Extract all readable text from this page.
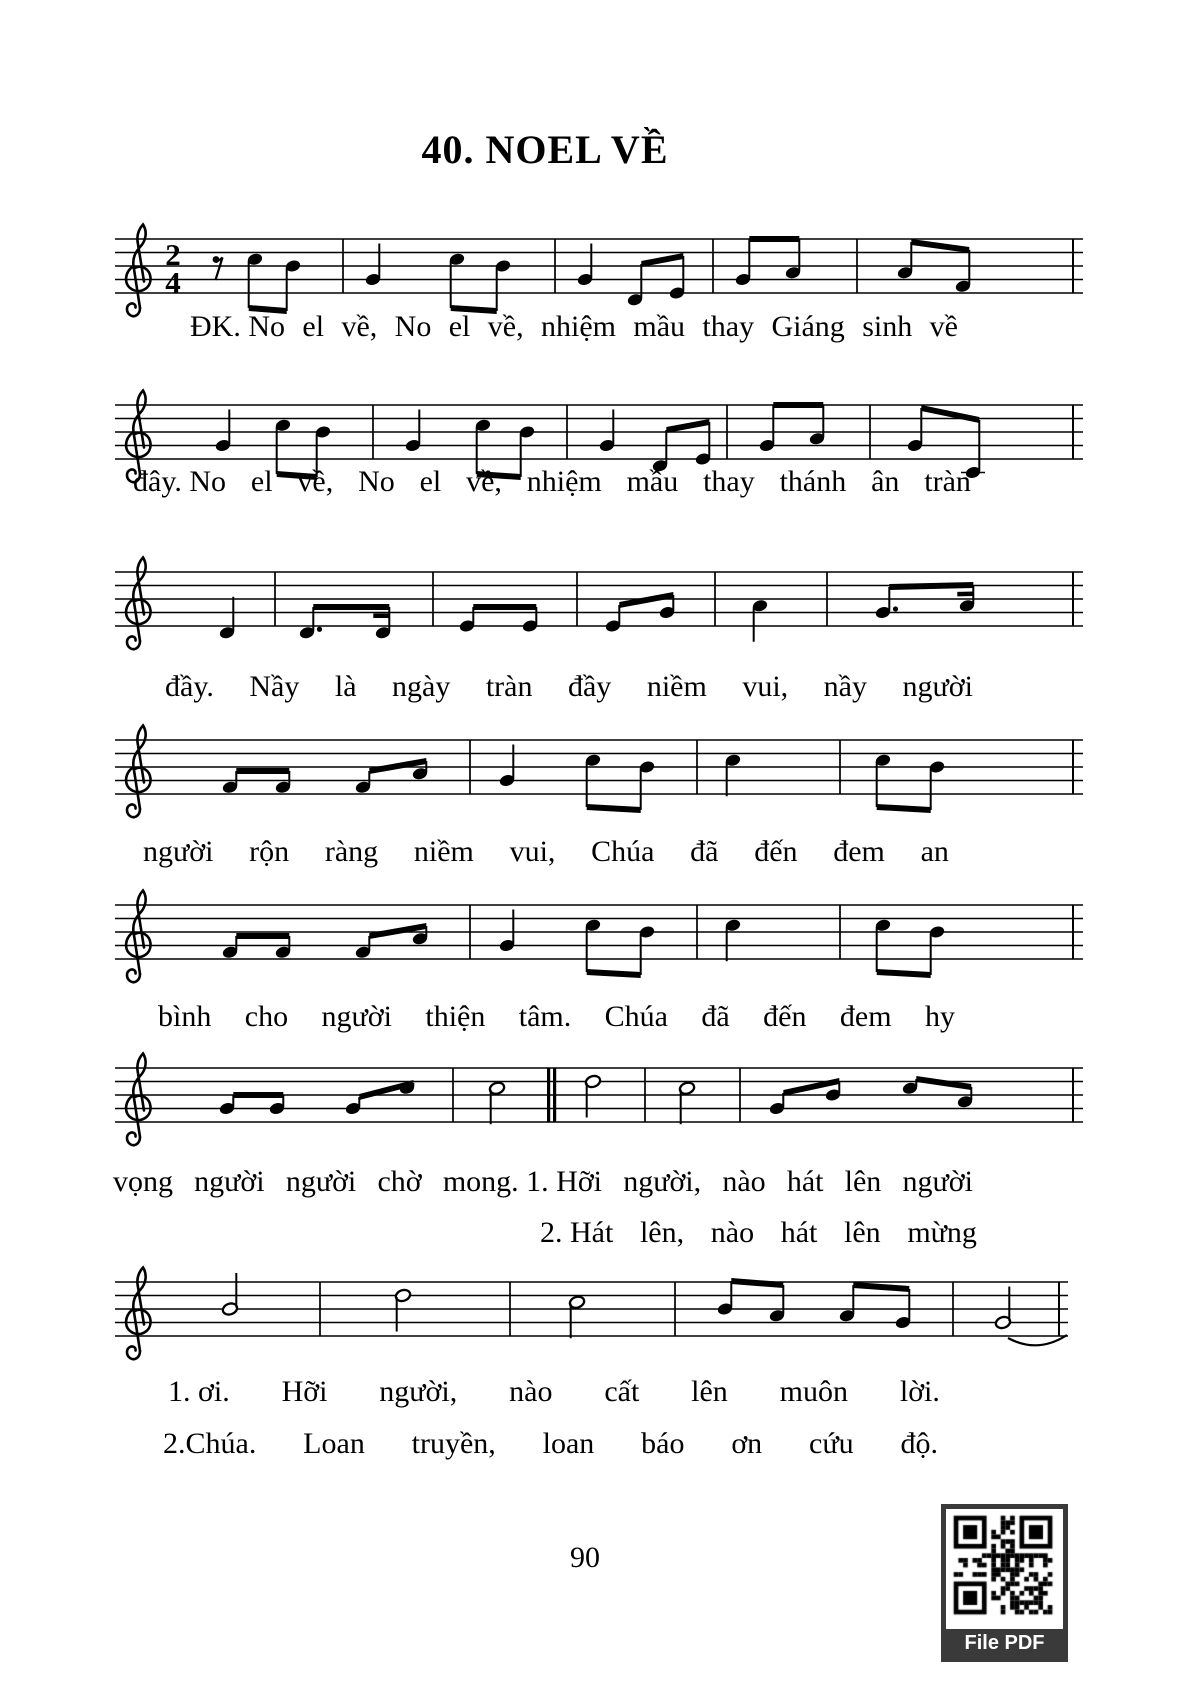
40. NOEL VỀ
2
4
ĐK. No el về, No el về, nhiệm mầu thay Giáng sinh về
đây. No el về, No el về, nhiệm mầu thay thánh ân tràn
đầy. Nầy là ngày tràn đầy niềm vui, nầy người
người rộn ràng niềm vui, Chúa đã đến đem an
bình cho người thiện tâm. Chúa đã đến đem hy
vọng người người chờ mong. 1. Hỡi người, nào hát lên người
2. Hát lên, nào hát lên mừng
1. ơi. Hỡi người, nào cất lên muôn lời.
2.Chúa. Loan truyền, loan báo ơn cứu độ.
90
File PDF
